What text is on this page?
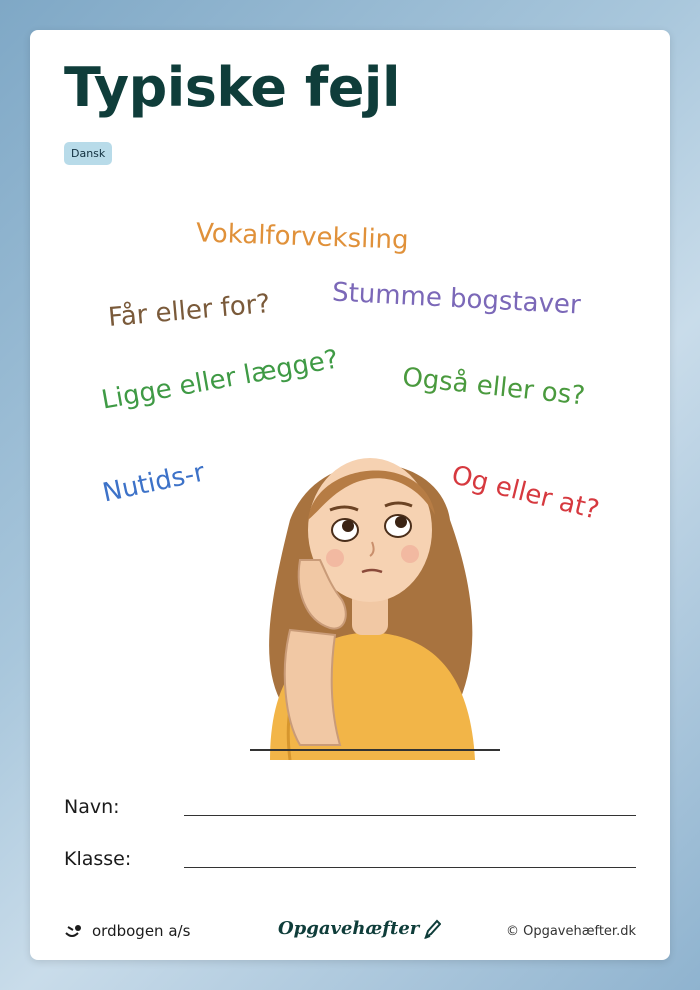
Typiske fejl
Dansk
Vokalforveksling
Stumme bogstaver
Får eller for?
Ligge eller lægge? Også eller os?
Nutids-r	Og eller at?
Navn:
Klasse:
ordbogen a/s	Opgavehæfter	© Opgavehæfter.dk
